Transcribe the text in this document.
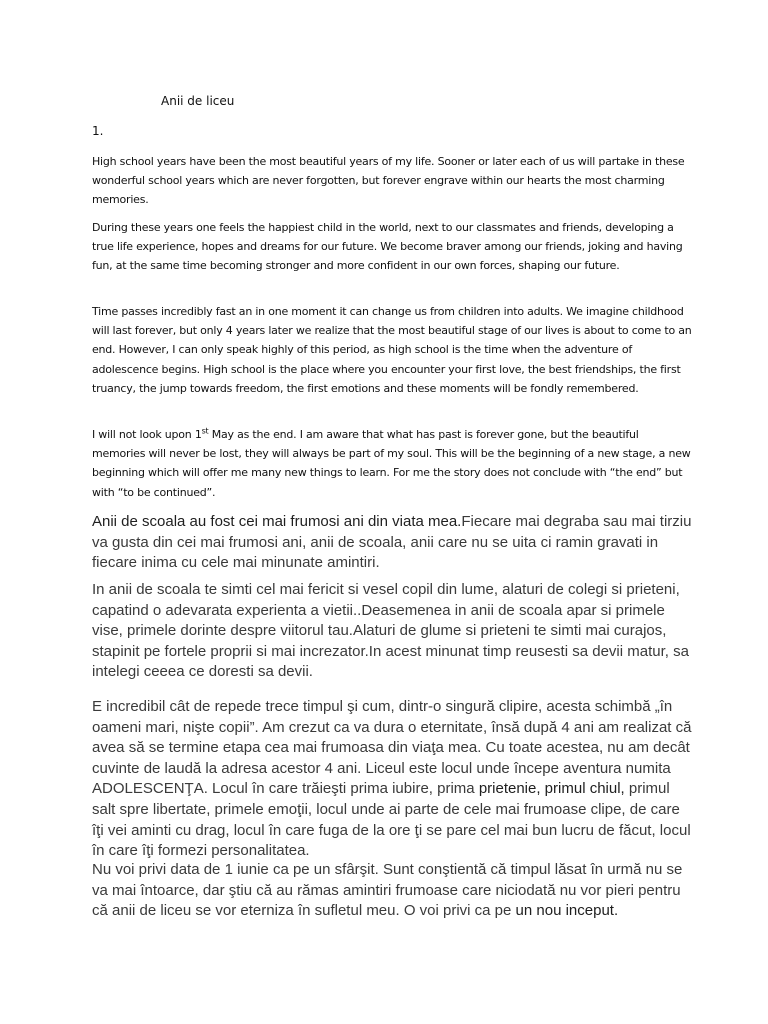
Anii de liceu

1.

High school years have been the most beautiful years of my life. Sooner or later each of us will partake in these wonderful school years which are never forgotten, but forever engrave within our hearts the most charming memories.

During these years one feels the happiest child in the world, next to our classmates and friends, developing a true life experience, hopes and dreams for our future. We become braver among our friends, joking and having fun, at the same time becoming stronger and more confident in our own forces, shaping our future.

Time passes incredibly fast an in one moment it can change us from children into adults. We imagine childhood will last forever, but only 4 years later we realize that the most beautiful stage of our lives is about to come to an end. However, I can only speak highly of this period, as high school is the time when the adventure of adolescence begins. High school is the place where you encounter your first love, the best friendships, the first truancy, the jump towards freedom, the first emotions and these moments will be fondly remembered.

I will not look upon 1st May as the end. I am aware that what has past is forever gone, but the beautiful memories will never be lost, they will always be part of my soul. This will be the beginning of a new stage, a new beginning which will offer me many new things to learn. For me the story does not conclude with “the end” but with “to be continued”.

Anii de scoala au fost cei mai frumosi ani din viata mea.Fiecare mai degraba sau mai tirziu va gusta din cei mai frumosi ani, anii de scoala, anii care nu se uita ci ramin gravati in fiecare inima cu cele mai minunate amintiri.

In anii de scoala te simti cel mai fericit si vesel copil din lume, alaturi de colegi si prieteni, capatind o adevarata experienta a vietii..Deasemenea in anii de scoala apar si primele vise, primele dorinte despre viitorul tau.Alaturi de glume si prieteni te simti mai curajos, stapinit pe fortele proprii si mai increzator.In acest minunat timp reusesti sa devii matur, sa intelegi ceeea ce doresti sa devii.

E incredibil cât de repede trece timpul şi cum, dintr-o singură clipire, acesta schimbă „în oameni mari, nişte copii”. Am crezut ca va dura o eternitate, însă după 4 ani am realizat că avea să se termine etapa cea mai frumoasa din viaţa mea. Cu toate acestea, nu am decât cuvinte de laudă la adresa acestor 4 ani. Liceul este locul unde începe aventura numita ADOLESCENŢA. Locul în care trăieşti prima iubire, prima prietenie, primul chiul, primul salt spre libertate, primele emoţii, locul unde ai parte de cele mai frumoase clipe, de care îţi vei aminti cu drag, locul în care fuga de la ore ţi se pare cel mai bun lucru de făcut, locul în care îţi formezi personalitatea.

Nu voi privi data de 1 iunie ca pe un sfârşit. Sunt conştientă că timpul lăsat în urmă nu se va mai întoarce, dar ştiu că au rămas amintiri frumoase care niciodată nu vor pieri pentru că anii de liceu se vor eterniza în sufletul meu. O voi privi ca pe un nou inceput.
